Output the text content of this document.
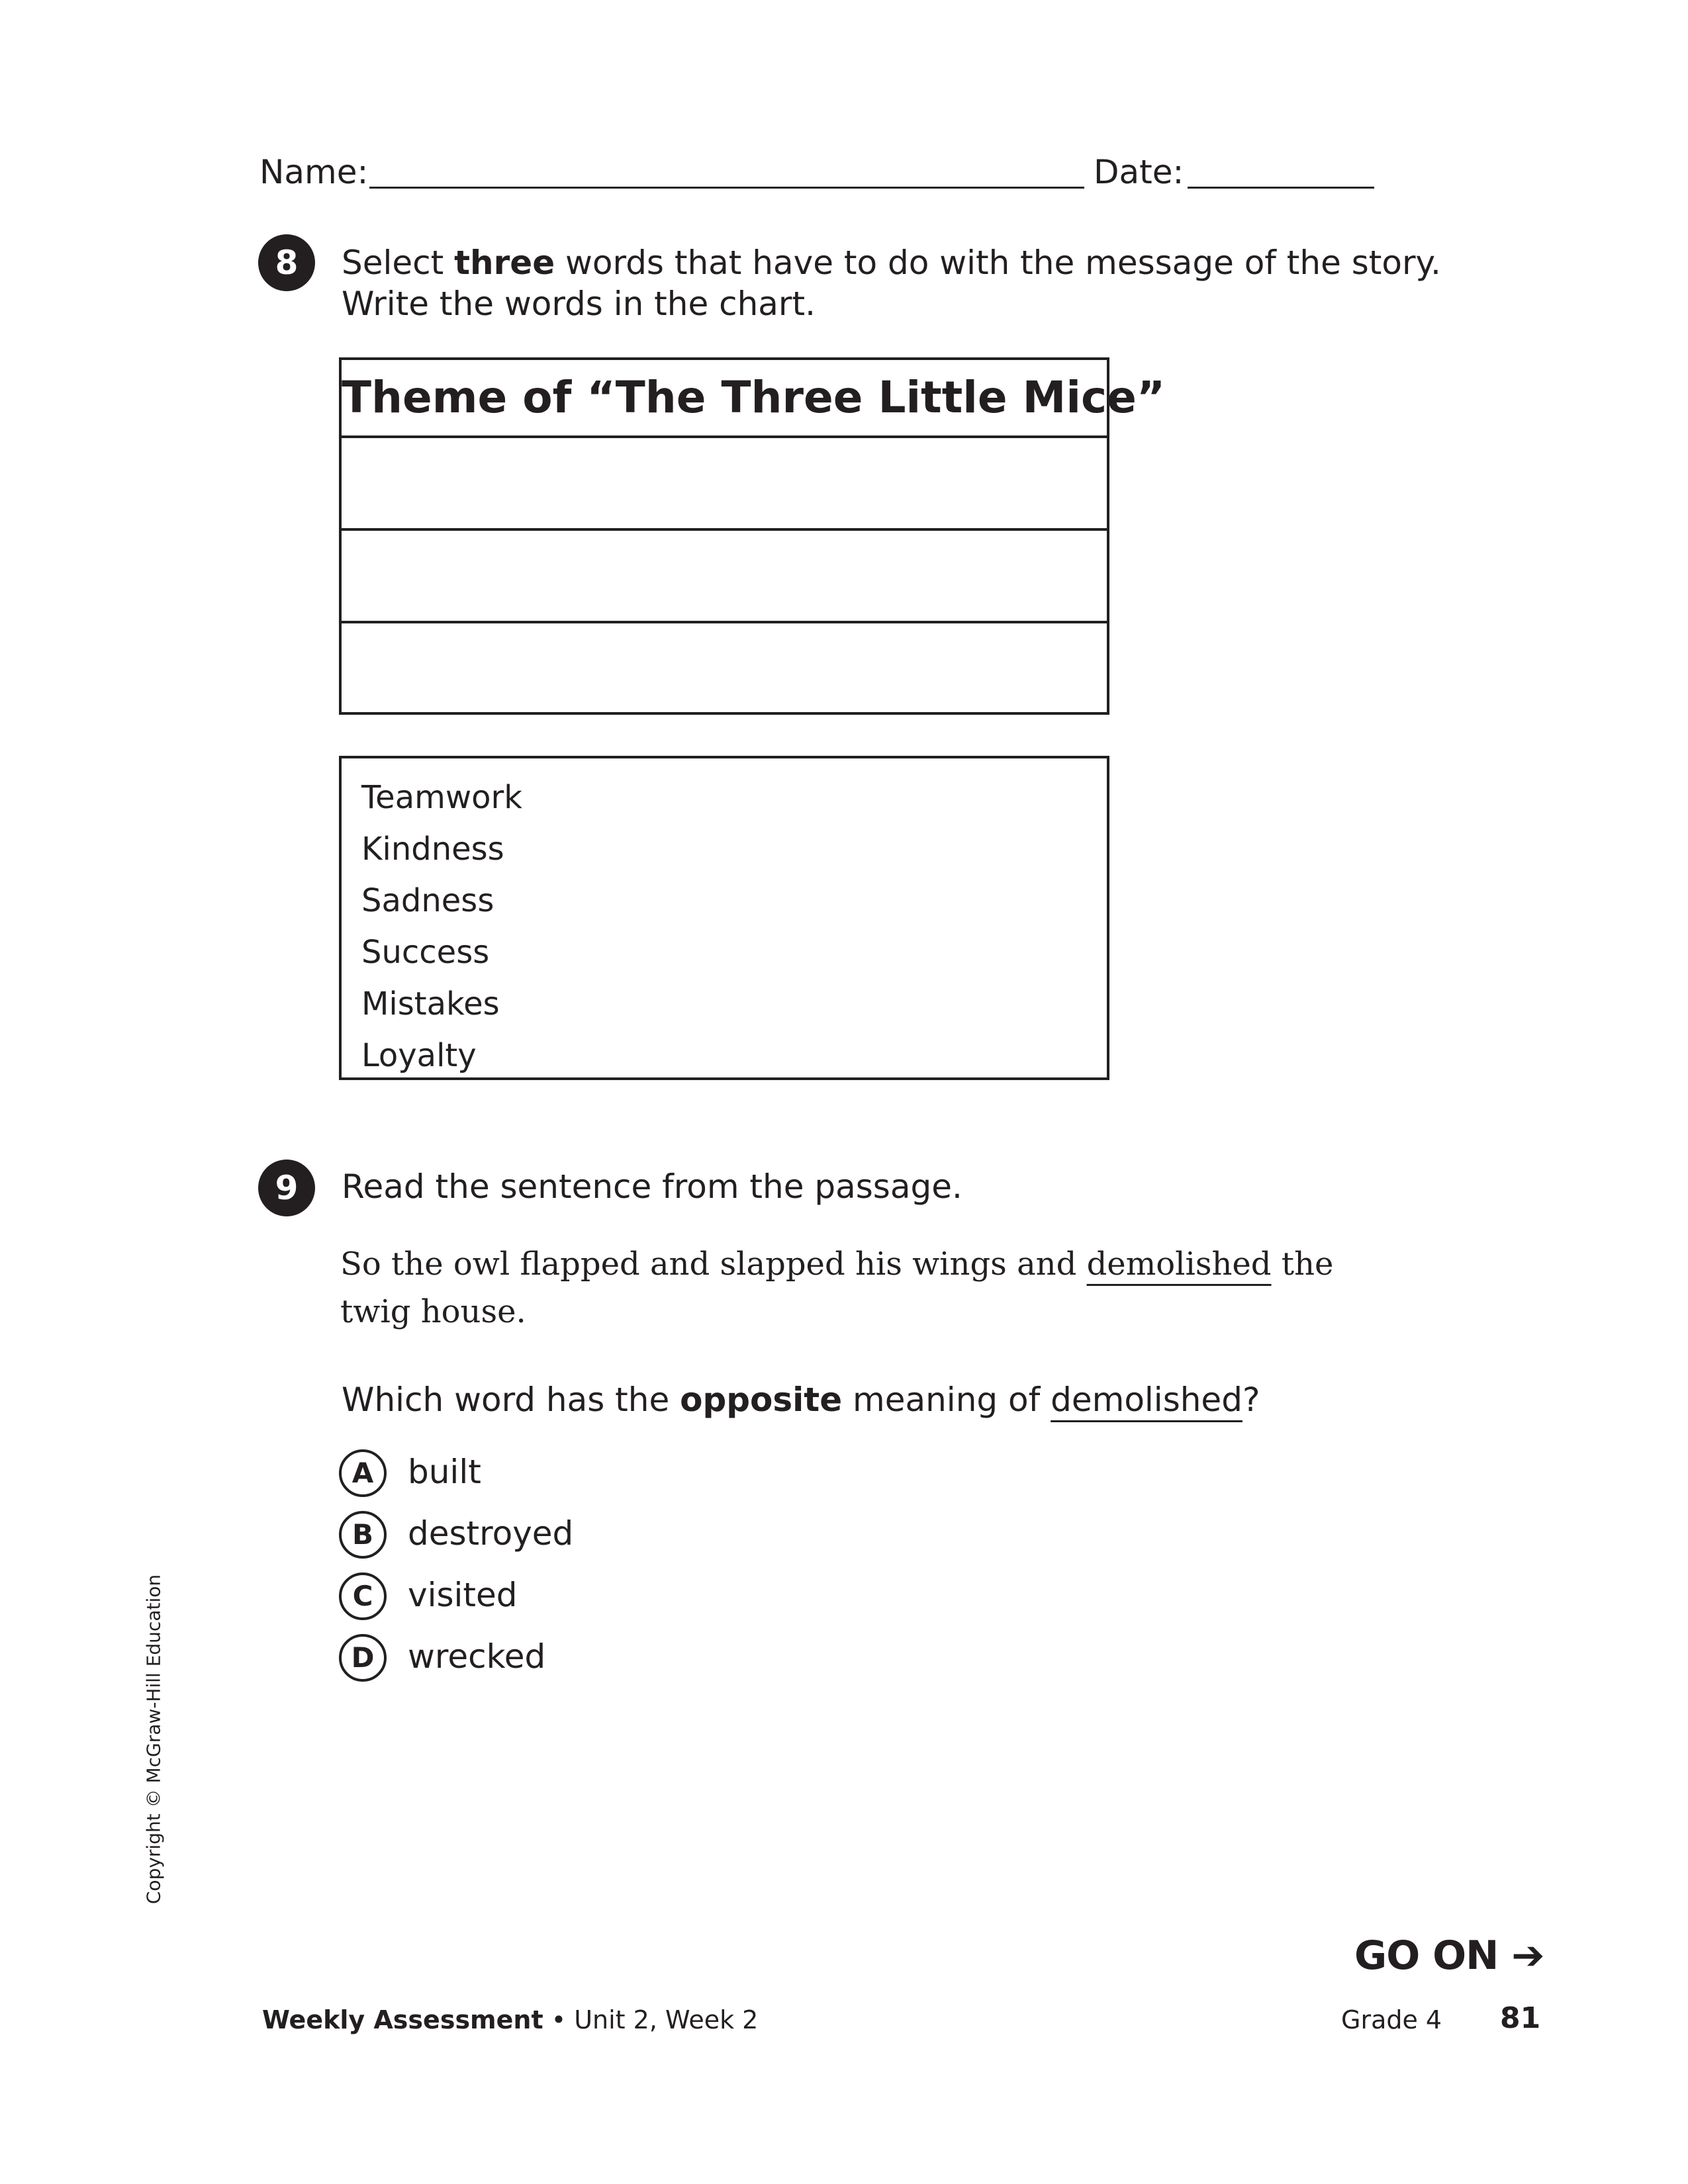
Name:	Date:
8	Select three words that have to do with the message of the story.
Write the words in the chart.
Theme of “The Three Little Mice”
Teamwork
Kindness
Sadness
Success
Mistakes
Loyalty
9	Read the sentence from the passage.
So the owl flapped and slapped his wings and demolished the twig house.
Which word has the opposite meaning of demolished?
A	built
B	destroyed
C	visited
D	wrecked
Copyright © McGraw-Hill Education
GO ON ➔
Weekly Assessment • Unit 2, Week 2	Grade 4 81
